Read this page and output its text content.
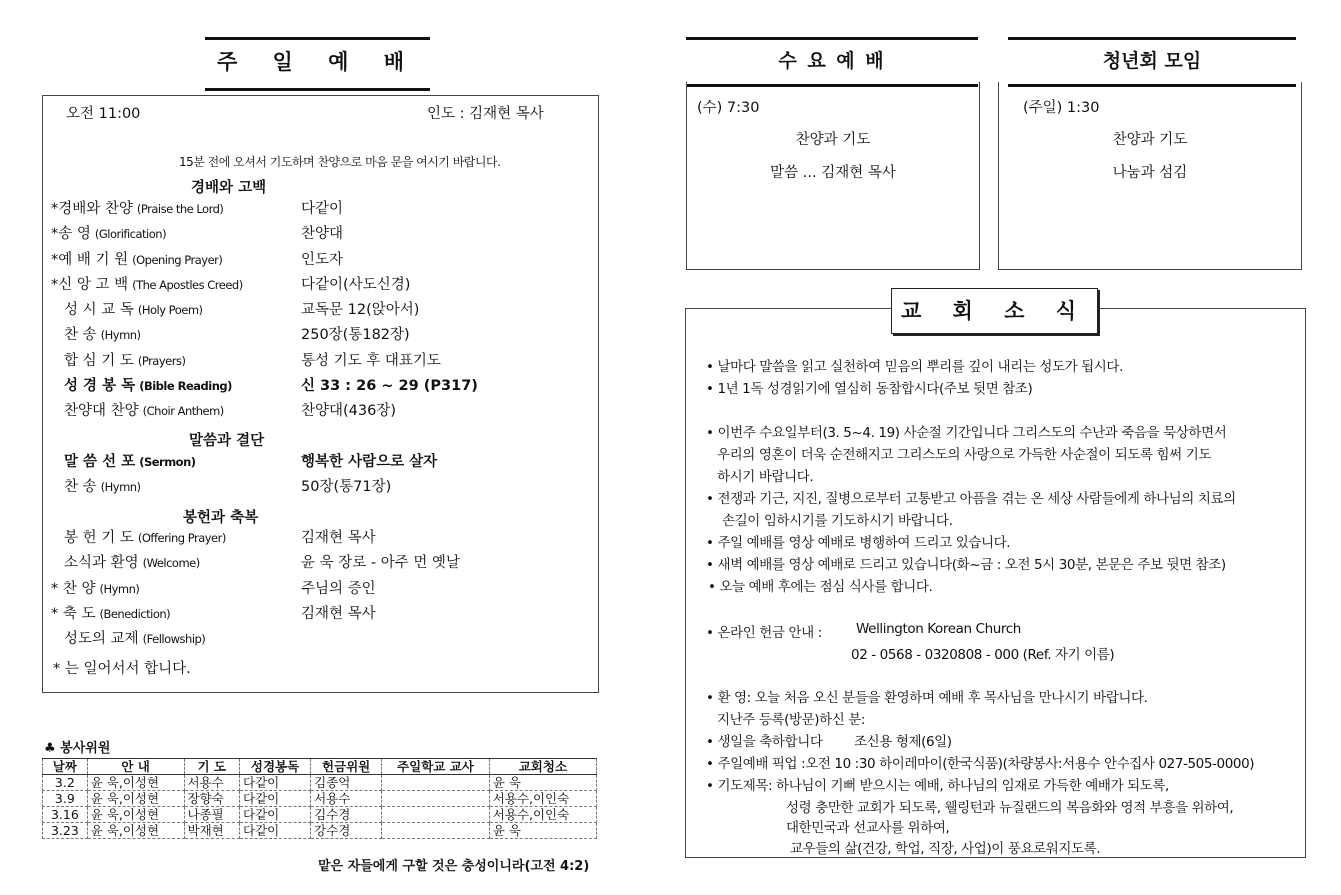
주 일 예 배
오전 11:00	인도 : 김재현 목사
15분 전에 오셔서 기도하며 찬양으로 마음 문을 여시기 바랍니다.
경배와 고백
*경배와 찬양 (Praise the Lord)	다같이
*송 영 (Glorification)	찬양대
*예 배 기 원 (Opening Prayer)	인도자
*신 앙 고 백 (The Apostles Creed)	다같이(사도신경)
성 시 교 독 (Holy Poem)	교독문 12(앉아서)
찬 송 (Hymn)	250장(통182장)
합 심 기 도 (Prayers)	통성 기도 후 대표기도
성 경 봉 독 (Bible Reading)	신 33 : 26 ~ 29 (P317)
찬양대 찬양 (Choir Anthem)	찬양대(436장)
말 씀 선 포 (Sermon)	행복한 사람으로 살자
찬 송 (Hymn)	50장(통71장)
봉 헌 기 도 (Offering Prayer)	김재현 목사
소식과 환영 (Welcome)	윤 욱 장로 - 아주 먼 옛날
* 찬 양 (Hymn)	주님의 증인
* 축 도 (Benediction)	김재현 목사
성도의 교제 (Fellowship)
말씀과 결단
봉헌과 축복
* 는 일어서서 합니다.
♣ 봉사위원
날짜	안 내	기 도	성경봉독	헌금위원	주일학교 교사	교회청소
3.2	윤 욱,이성현	서용수	다같이	김종억		윤 욱
3.9	윤 욱,이성현	장향숙	다같이	서용수		서용수,이인숙
3.16	윤 욱,이성현	나종필	다같이	김수경		서용수,이인숙
3.23	윤 욱,이성현	박재현	다같이	강수경		윤 욱
맡은 자들에게 구할 것은 충성이니라(고전 4:2)
수 요 예 배
(수) 7:30
찬양과 기도
말씀 ... 김재현 목사
청년회 모임
(주일) 1:30
찬양과 기도
나눔과 섬김
• 날마다 말씀을 읽고 실천하여 믿음의 뿌리를 깊이 내리는 성도가 됩시다.
• 1년 1독 성경읽기에 열심히 동참합시다(주보 뒷면 참조)
• 이번주 수요일부터(3. 5~4. 19) 사순절 기간입니다 그리스도의 수난과 죽음을 묵상하면서
우리의 영혼이 더욱 순전해지고 그리스도의 사랑으로 가득한 사순절이 되도록 힘써 기도
하시기 바랍니다.
• 전쟁과 기근, 지진, 질병으로부터 고통받고 아픔을 겪는 온 세상 사람들에게 하나님의 치료의
손길이 임하시기를 기도하시기 바랍니다.
• 주일 예배를 영상 예배로 병행하여 드리고 있습니다.
• 새벽 예배를 영상 예배로 드리고 있습니다(화~금 : 오전 5시 30분, 본문은 주보 뒷면 참조)
• 오늘 예배 후에는 점심 식사를 합니다.
• 온라인 헌금 안내 :	Wellington Korean Church
02 - 0568 - 0320808 - 000 (Ref. 자기 이름)
• 환 영: 오늘 처음 오신 분들을 환영하며 예배 후 목사님을 만나시기 바랍니다.
지난주 등록(방문)하신 분:
• 생일을 축하합니다 조신용 형제(6일)
• 주일예배 픽업 :오전 10 :30 하이레마이(한국식품)(차량봉사:서용수 안수집사 027-505-0000)
• 기도제목: 하나님이 기뻐 받으시는 예배, 하나님의 임재로 가득한 예배가 되도록,
성령 충만한 교회가 되도록, 웰링턴과 뉴질랜드의 복음화와 영적 부흥을 위하여,
대한민국과 선교사를 위하여,
교우들의 삶(건강, 학업, 직장, 사업)이 풍요로워지도록.
교 회 소 식
